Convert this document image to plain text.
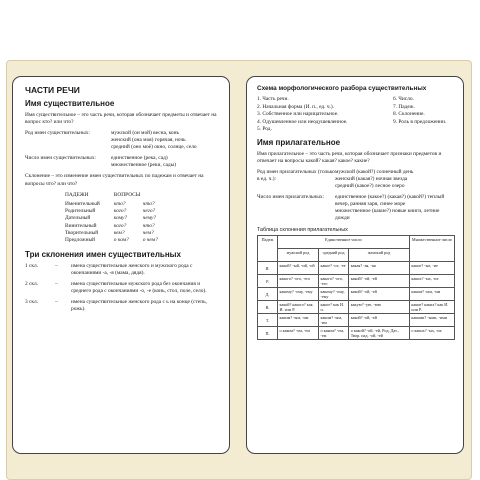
ЧАСТИ РЕЧИ
Имя существительное
Имя существительное – это часть речи, которая обозначает предметы и отвечает на вопрос кто? или что?
Род имен существительных:	мужской (он мой) весна, конь
женский (она моя) горячая, ночь
средний (оно моё) окно, солнце, село
Число имен существительных:	единственное (река, сад)
множественное (реки, сады)
Склонение – это изменение имен существительных по падежам и отвечает на вопросы что? или что?
ПАДЕЖИ	ВОПРОСЫ	
Именительный	кто?	что?
Родительный	кого?	чего?
Дательный	кому?	чему?
Винительный	кого?	что?
Творительный	кем?	чем?
Предложный	о ком?	о чем?
Три склонения имен существительных
1 скл.	–	имена существительные женского и мужского рода с окончаниями -а, -я (мама, дядя).
2 скл.	–	имена существительные мужского рода без окончания и среднего рода с окончаниями -о, -е (конь, стол, поле, село).
3 скл.	–	имена существительные женского рода с ь на конце (степь, рожь).
Схема морфологического разбора существительных
1. Часть речи.	6. Число.
2. Начальная форма (И. п., ед. ч.).	7. Падеж.
3. Собственное или нарицательное.	8. Склонение.
4. Одушевленное или неодушевленное.	9. Роль в предложении.
5. Род.
Имя прилагательное
Имя прилагательное – это часть речи, которая обозначает признаки предметов и отвечает на вопросы какой? какая? какое? какие?
Род имен прилагательных (только в ед. ч.):
мужской (какой?) солнечный день
женский (какая?) ночная звезда
средний (какое?) лесное озеро
Число имен прилагательных:	единственное (какое?) (какая?) (какой?) теплый вечер, ранняя заря, синее море
множественное (какие?) новые книги, летние дожди
Таблица склонения прилагательных
Падеж	Единственное число			Множественное число
	мужской род	средний род	женский род	
И.	какой? -ый, -ий, -ой	какое? -ое, -ее	какая? -ая, -яя	какие? -ые, -ие
Р.	какого? -ого, -его	какого? -ого, -его	какой? -ой, -ей	каких? -ых, -их
Д.	какому? -ому, -ему	какому? -ому, -ему	какой? -ой, -ей	каким? -ым, -им
В.	какой? какого? как И. или Р.	какое? как И. п.	какую? -ую, -юю	какие? каких? как И. или Р.
Т.	каким? -ым, -им	каким? -ым, -им	какой? -ой, -ей	какими? -ыми, -ими
П.	о каком? -ом, -ем	о каком? -ом, -ем	о какой? -ой, -ей, Род, Дат., Твор. пад. -ой, -ей	о каких? -ых, -их
